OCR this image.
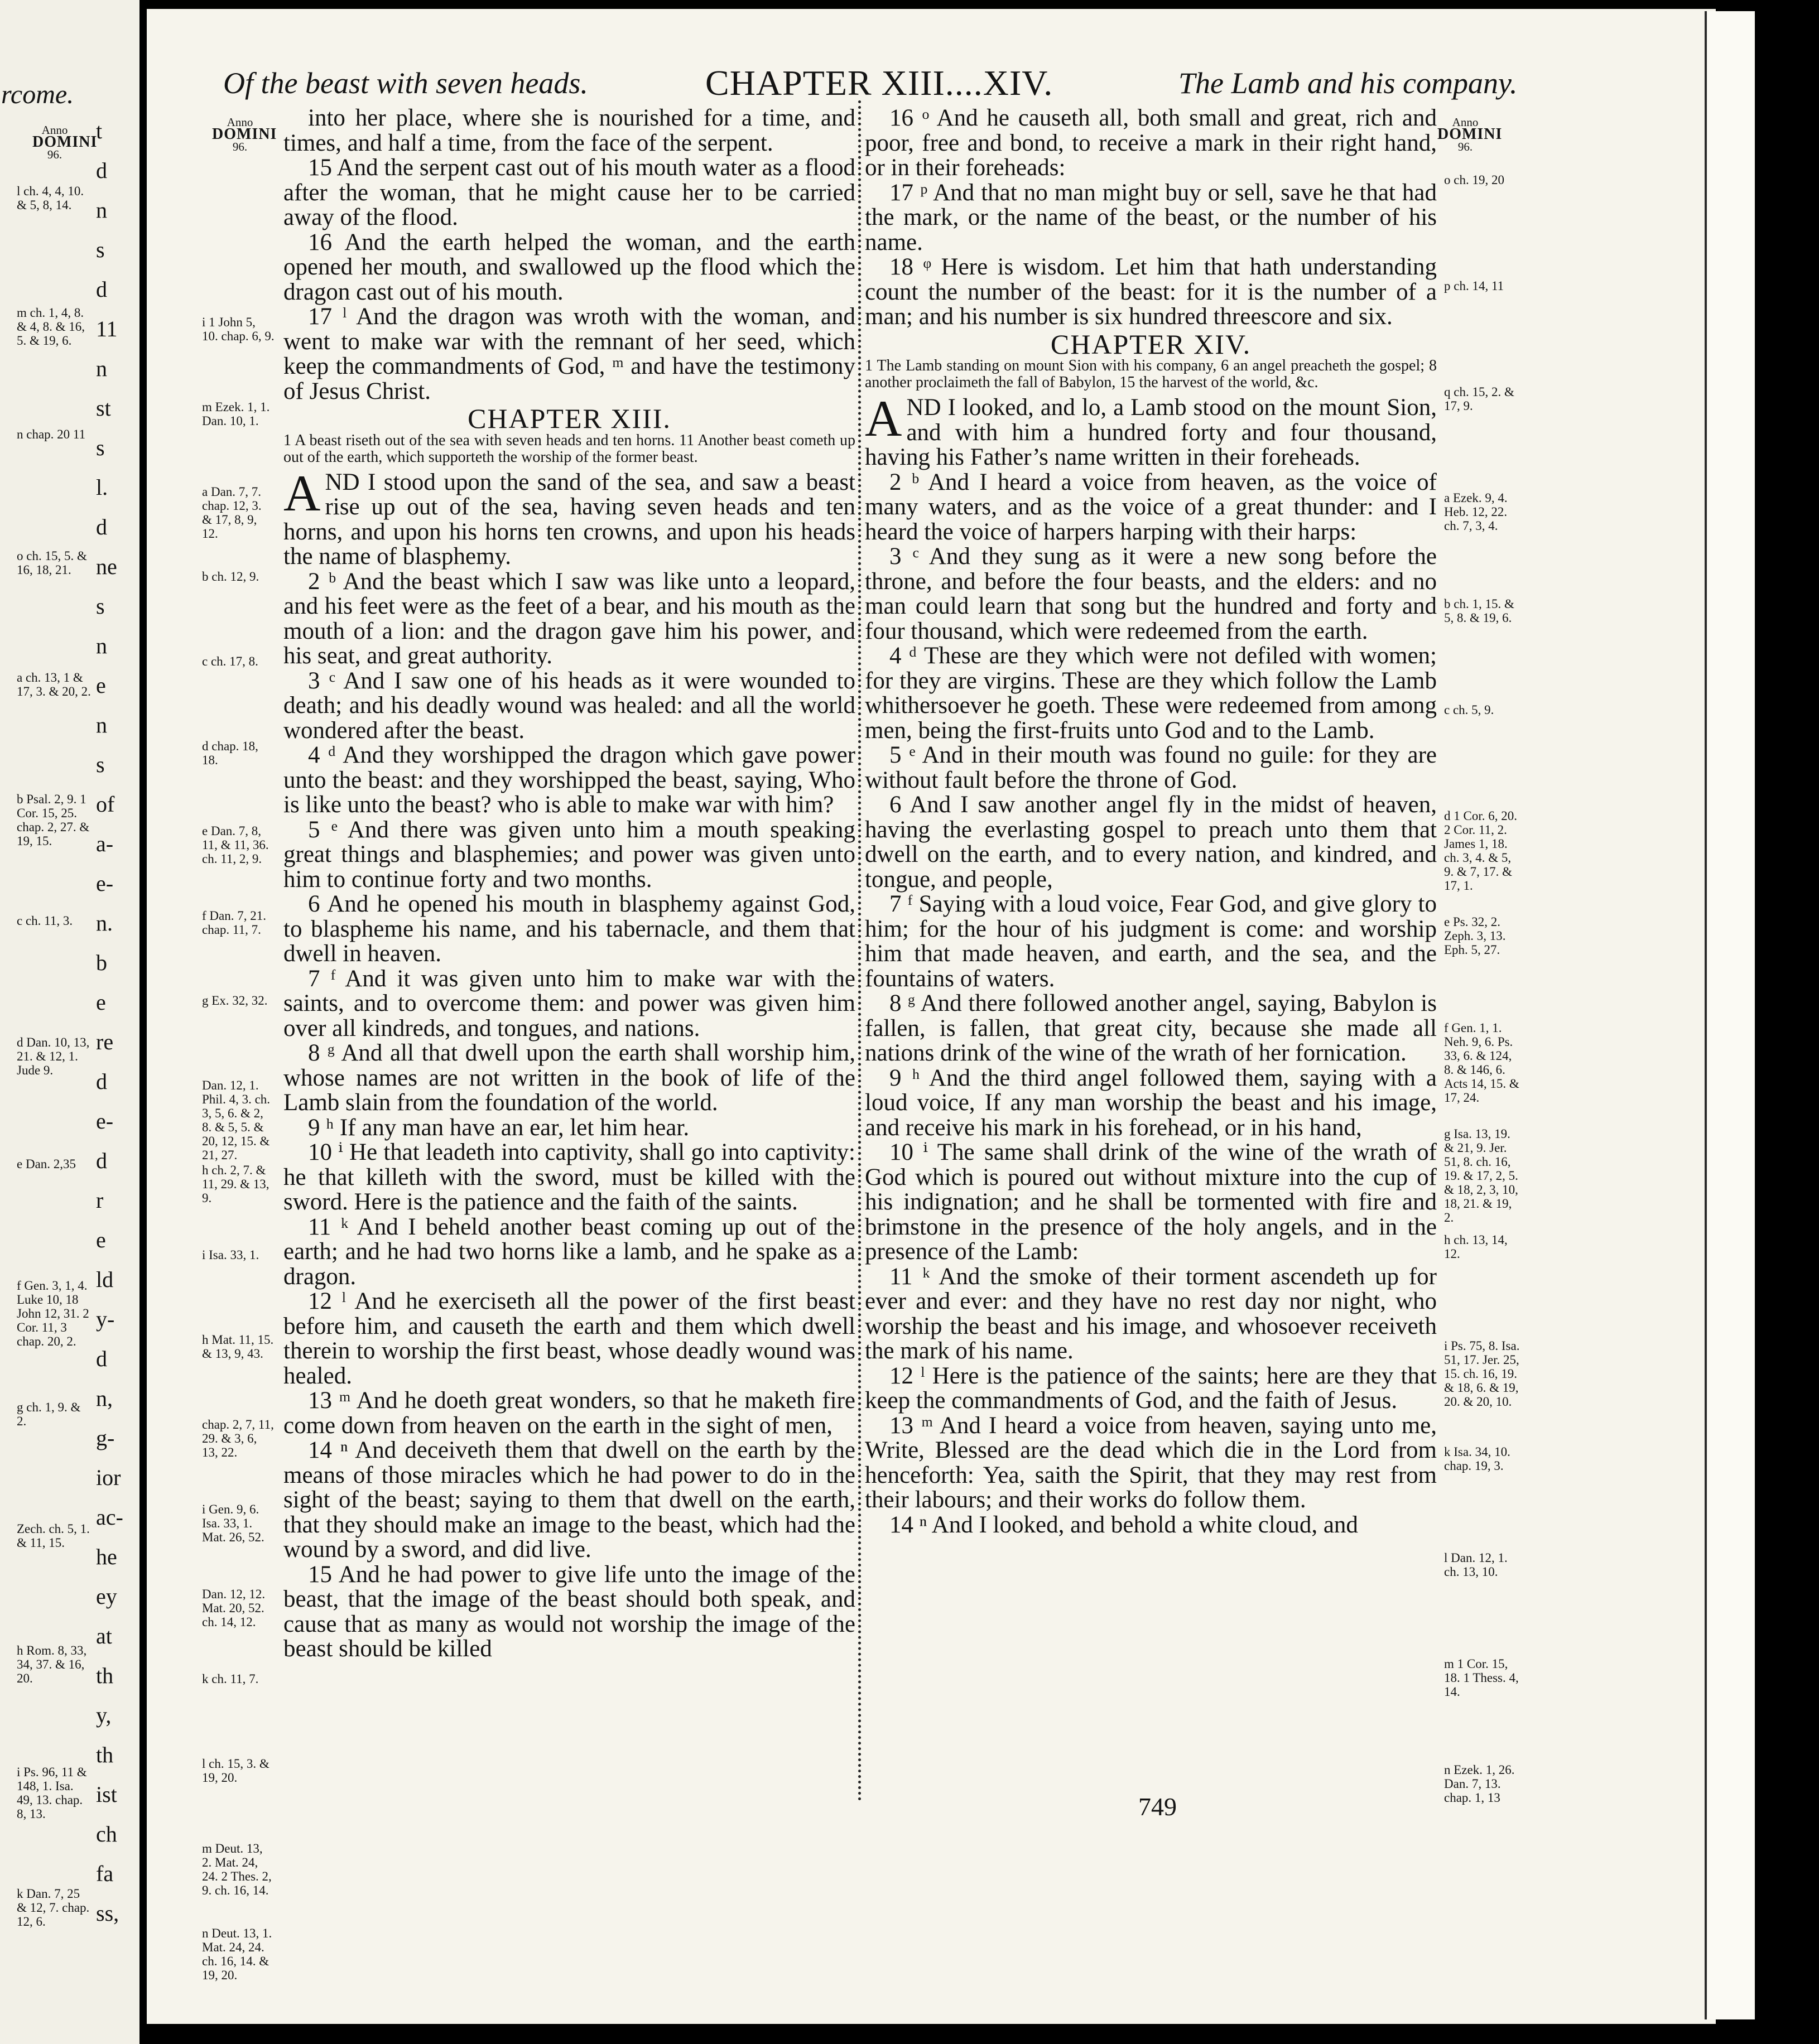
rcome.
Anno
DOMINI
96.
t
d
n
s
d
11
n
st
s
l.
d
ne
s
n
e
n
s
of
a-
e-
n.
b
e
re
d
e-
d
r
e
ld
y-
d
n,
g-
ior
ac-
he
ey
at
th
y,
th
ist
ch
fa
ss,
l ch. 4, 4, 10. & 5, 8, 14.
m ch. 1, 4, 8. & 4, 8. & 16, 5. & 19, 6.
n chap. 20 11
o ch. 15, 5. & 16, 18, 21.
a ch. 13, 1 & 17, 3. & 20, 2.
b Psal. 2, 9. 1 Cor. 15, 25. chap. 2, 27. & 19, 15.
c ch. 11, 3.
d Dan. 10, 13, 21. & 12, 1. Jude 9.
e Dan. 2,35
f Gen. 3, 1, 4. Luke 10, 18 John 12, 31. 2 Cor. 11, 3 chap. 20, 2.
g ch. 1, 9. & 2.
Zech. ch. 5, 1. & 11, 15.
h Rom. 8, 33, 34, 37. & 16, 20.
i Ps. 96, 11 & 148, 1. Isa. 49, 13. chap. 8, 13.
k Dan. 7, 25 & 12, 7. chap. 12, 6.
Of the beast with seven heads.	CHAPTER XIII....XIV.	The Lamb and his company.
Anno
DOMINI
96.
Anno
DOMINI
96.

into her place, where she is nourished for a time, and times, and half a time, from the face of the serpent.

15 And the serpent cast out of his mouth water as a flood after the woman, that he might cause her to be carried away of the flood.

16 And the earth helped the woman, and the earth opened her mouth, and swallowed up the flood which the dragon cast out of his mouth.

17 ˡ And the dragon was wroth with the woman, and went to make war with the remnant of her seed, which keep the commandments of God, ᵐ and have the testimony of Jesus Christ.

CHAPTER XIII.

1 A beast riseth out of the sea with seven heads and ten horns. 11 Another beast cometh up out of the earth, which supporteth the worship of the former beast.

AND I stood upon the sand of the sea, and saw a beast rise up out of the sea, having seven heads and ten horns, and upon his horns ten crowns, and upon his heads the name of blasphemy.

2 ᵇ And the beast which I saw was like unto a leopard, and his feet were as the feet of a bear, and his mouth as the mouth of a lion: and the dragon gave him his power, and his seat, and great authority.

3 ᶜ And I saw one of his heads as it were wounded to death; and his deadly wound was healed: and all the world wondered after the beast.

4 ᵈ And they worshipped the dragon which gave power unto the beast: and they worshipped the beast, saying, Who is like unto the beast? who is able to make war with him?

5 ᵉ And there was given unto him a mouth speaking great things and blasphemies; and power was given unto him to continue forty and two months.

6 And he opened his mouth in blasphemy against God, to blaspheme his name, and his tabernacle, and them that dwell in heaven.

7 ᶠ And it was given unto him to make war with the saints, and to overcome them: and power was given him over all kindreds, and tongues, and nations.

8 ᵍ And all that dwell upon the earth shall worship him, whose names are not written in the book of life of the Lamb slain from the foundation of the world.

9 ʰ If any man have an ear, let him hear.

10 ⁱ He that leadeth into captivity, shall go into captivity: he that killeth with the sword, must be killed with the sword. Here is the patience and the faith of the saints.

11 ᵏ And I beheld another beast coming up out of the earth; and he had two horns like a lamb, and he spake as a dragon.

12 ˡ And he exerciseth all the power of the first beast before him, and causeth the earth and them which dwell therein to worship the first beast, whose deadly wound was healed.

13 ᵐ And he doeth great wonders, so that he maketh fire come down from heaven on the earth in the sight of men,

14 ⁿ And deceiveth them that dwell on the earth by the means of those miracles which he had power to do in the sight of the beast; saying to them that dwell on the earth, that they should make an image to the beast, which had the wound by a sword, and did live.

15 And he had power to give life unto the image of the beast, that the image of the beast should both speak, and cause that as many as would not worship the image of the beast should be killed

16 ᵒ And he causeth all, both small and great, rich and poor, free and bond, to receive a mark in their right hand, or in their foreheads:

17 ᵖ And that no man might buy or sell, save he that had the mark, or the name of the beast, or the number of his name.

18 ᵠ Here is wisdom. Let him that hath understanding count the number of the beast: for it is the number of a man; and his number is six hundred threescore and six.

CHAPTER XIV.

1 The Lamb standing on mount Sion with his company, 6 an angel preacheth the gospel; 8 another proclaimeth the fall of Babylon, 15 the harvest of the world, &c.

AND I looked, and lo, a Lamb stood on the mount Sion, and with him a hundred forty and four thousand, having his Father’s name written in their foreheads.

2 ᵇ And I heard a voice from heaven, as the voice of many waters, and as the voice of a great thunder: and I heard the voice of harpers harping with their harps:

3 ᶜ And they sung as it were a new song before the throne, and before the four beasts, and the elders: and no man could learn that song but the hundred and forty and four thousand, which were redeemed from the earth.

4 ᵈ These are they which were not defiled with women; for they are virgins. These are they which follow the Lamb whithersoever he goeth. These were redeemed from among men, being the first-fruits unto God and to the Lamb.

5 ᵉ And in their mouth was found no guile: for they are without fault before the throne of God.

6 And I saw another angel fly in the midst of heaven, having the everlasting gospel to preach unto them that dwell on the earth, and to every nation, and kindred, and tongue, and people,

7 ᶠ Saying with a loud voice, Fear God, and give glory to him; for the hour of his judgment is come: and worship him that made heaven, and earth, and the sea, and the fountains of waters.

8 ᵍ And there followed another angel, saying, Babylon is fallen, is fallen, that great city, because she made all nations drink of the wine of the wrath of her fornication.

9 ʰ And the third angel followed them, saying with a loud voice, If any man worship the beast and his image, and receive his mark in his forehead, or in his hand,

10 ⁱ The same shall drink of the wine of the wrath of God which is poured out without mixture into the cup of his indignation; and he shall be tormented with fire and brimstone in the presence of the holy angels, and in the presence of the Lamb:

11 ᵏ And the smoke of their torment ascendeth up for ever and ever: and they have no rest day nor night, who worship the beast and his image, and whosoever receiveth the mark of his name.

12 ˡ Here is the patience of the saints; here are they that keep the commandments of God, and the faith of Jesus.

13 ᵐ And I heard a voice from heaven, saying unto me, Write, Blessed are the dead which die in the Lord from henceforth: Yea, saith the Spirit, that they may rest from their labours; and their works do follow them.

14 ⁿ And I looked, and behold a white cloud, and

i 1 John 5, 10. chap. 6, 9.
m Ezek. 1, 1. Dan. 10, 1.
a Dan. 7, 7. chap. 12, 3. & 17, 8, 9, 12.
b ch. 12, 9.
c ch. 17, 8.
d chap. 18, 18.
e Dan. 7, 8, 11, & 11, 36. ch. 11, 2, 9.
f Dan. 7, 21. chap. 11, 7.
g Ex. 32, 32.
Dan. 12, 1. Phil. 4, 3. ch. 3, 5, 6. & 2, 8. & 5, 5. & 20, 12, 15. & 21, 27.
h ch. 2, 7. & 11, 29. & 13, 9.
i Isa. 33, 1.
h Mat. 11, 15. & 13, 9, 43.
chap. 2, 7, 11, 29. & 3, 6, 13, 22.
i Gen. 9, 6. Isa. 33, 1. Mat. 26, 52.
Dan. 12, 12. Mat. 20, 52. ch. 14, 12.
k ch. 11, 7.
l ch. 15, 3. & 19, 20.
m Deut. 13, 2. Mat. 24, 24. 2 Thes. 2, 9. ch. 16, 14.
n Deut. 13, 1. Mat. 24, 24. ch. 16, 14. & 19, 20.
o ch. 19, 20
p ch. 14, 11
q ch. 15, 2. & 17, 9.
a Ezek. 9, 4. Heb. 12, 22. ch. 7, 3, 4.
b ch. 1, 15. & 5, 8. & 19, 6.
c ch. 5, 9.
d 1 Cor. 6, 20. 2 Cor. 11, 2. James 1, 18. ch. 3, 4. & 5, 9. & 7, 17. & 17, 1.
e Ps. 32, 2. Zeph. 3, 13. Eph. 5, 27.
f Gen. 1, 1. Neh. 9, 6. Ps. 33, 6. & 124, 8. & 146, 6. Acts 14, 15. & 17, 24.
g Isa. 13, 19. & 21, 9. Jer. 51, 8. ch. 16, 19. & 17, 2, 5. & 18, 2, 3, 10, 18, 21. & 19, 2.
h ch. 13, 14, 12.
i Ps. 75, 8. Isa. 51, 17. Jer. 25, 15. ch. 16, 19. & 18, 6. & 19, 20. & 20, 10.
k Isa. 34, 10. chap. 19, 3.
l Dan. 12, 1. ch. 13, 10.
m 1 Cor. 15, 18. 1 Thess. 4, 14.
n Ezek. 1, 26. Dan. 7, 13. chap. 1, 13
749
